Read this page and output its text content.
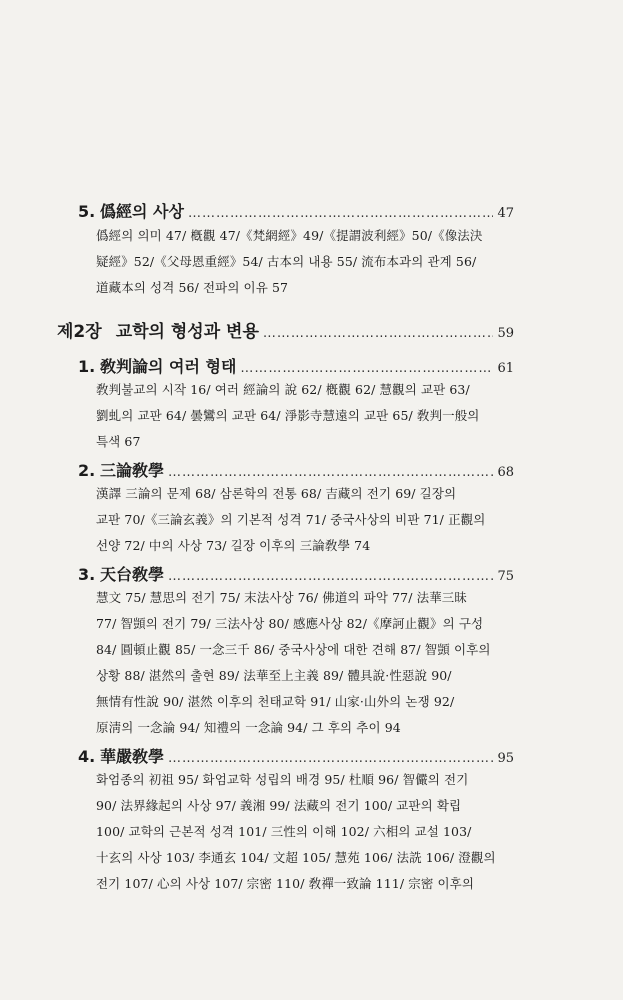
5. 僞經의 사상 …………………………………………………………………………………………………………	47
僞經의 의미 47/ 槪觀 47/《梵網經》49/《提謂波利經》50/《像法決
疑經》52/《父母恩重經》54/ 古本의 내용 55/ 流布本과의 관계 56/
道藏本의 성격 56/ 전파의 이유 57
제2장 교학의 형성과 변용 …………………………………………………………………………………………………………	59
1. 敎判論의 여러 형태 …………………………………………………………………………………………………………	61
敎判불교의 시작 16/ 여러 經論의 說 62/ 槪觀 62/ 慧觀의 교판 63/
劉虬의 교판 64/ 曇鸞의 교판 64/ 淨影寺慧遠의 교판 65/ 敎判一般의
특색 67
2. 三論敎學 …………………………………………………………………………………………………………	68
漢譯 三論의 문제 68/ 삼론학의 전통 68/ 吉藏의 전기 69/ 길장의
교판 70/《三論玄義》의 기본적 성격 71/ 중국사상의 비판 71/ 正觀의
선양 72/ 中의 사상 73/ 길장 이후의 三論敎學 74
3. 天台敎學 …………………………………………………………………………………………………………	75
慧文 75/ 慧思의 전기 75/ 末法사상 76/ 佛道의 파악 77/ 法華三昧
77/ 智顗의 전기 79/ 三法사상 80/ 感應사상 82/《摩訶止觀》의 구성
84/ 圓頓止觀 85/ 一念三千 86/ 중국사상에 대한 견해 87/ 智顗 이후의
상황 88/ 湛然의 출현 89/ 法華至上主義 89/ 體具說·性惡說 90/
無情有性說 90/ 湛然 이후의 천태교학 91/ 山家·山外의 논쟁 92/
原淸의 一念論 94/ 知禮의 一念論 94/ 그 후의 추이 94
4. 華嚴敎學 …………………………………………………………………………………………………………	95
화엄종의 初祖 95/ 화엄교학 성립의 배경 95/ 杜順 96/ 智儼의 전기
90/ 法界緣起의 사상 97/ 義湘 99/ 法藏의 전기 100/ 교판의 확립
100/ 교학의 근본적 성격 101/ 三性의 이해 102/ 六相의 교설 103/
十玄의 사상 103/ 李通玄 104/ 文超 105/ 慧苑 106/ 法詵 106/ 澄觀의
전기 107/ 心의 사상 107/ 宗密 110/ 敎禪一致論 111/ 宗密 이후의
